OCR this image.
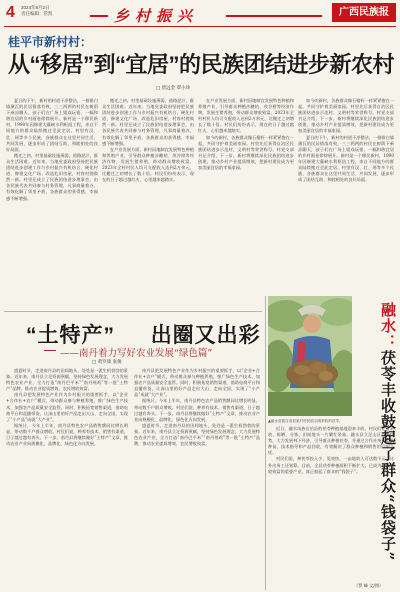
4 2024年8月2日
责任编辑：管凯	乡村振兴	广西民族报
桂平市新村村：
从“移居”到“宜居”的民族团结进步新农村
□ 唐远金 覃小珍

夏日的下午，新村的村道干净整洁，一排排白墙黛瓦的民居错落有致，三三两两的村民在树荫下乘凉聊天，孩子们在广场上嬉戏玩耍，一幅和谐宜居的乡村画卷徐徐展开。新村是一个移民新村，1990年因修建大藤峡水利枢纽工程，来自不同地方的群众陆续搬迁至此定居。村里有汉、壮、瑶等多个民族，各族群众在这里共同生活、共同发展，逐步形成了团结互助、和睦相处的良好局面。

搬迁之初，村里基础设施薄弱，道路泥泞，群众生活困难。近年来，当地党委政府坚持把民族团结进步创建工作与乡村振兴有机结合，硬化村道、修建文化广场、改造危旧房屋，村容村貌焕然一新。村里还成立了民族团结进步理事会，由各民族代表共同参与村务管理，凡事商量着办，有效化解了邻里矛盾，各族群众的获得感、幸福感不断增强。

搬迁之初，村里基础设施薄弱，道路泥泞，群众生活困难。近年来，当地党委政府坚持把民族团结进步创建工作与乡村振兴有机结合，硬化村道、修建文化广场、改造危旧房屋，村容村貌焕然一新。村里还成立了民族团结进步理事会，由各民族代表共同参与村务管理，凡事商量着办，有效化解了邻里矛盾，各族群众的获得感、幸福感不断增强。

在产业发展方面，新村因地制宜发展特色种植和养殖产业，引导群众种植沙糖桔、茂谷柑等经济作物，发展生猪养殖，带动群众增收致富。2023年全村村民人均可支配收入达到2万余元，比搬迁之初增长了数十倍。村民们纷纷表示，现在的日子越过越红火，心里越来越踏实。

在产业发展方面，新村因地制宜发展特色种植和养殖产业，引导群众种植沙糖桔、茂谷柑等经济作物，发展生猪养殖，带动群众增收致富。2023年全村村民人均可支配收入达到2万余元，比搬迁之初增长了数十倍。村民们纷纷表示，现在的日子越过越红火，心里越来越踏实。

如今的新村，各族群众像石榴籽一样紧紧抱在一起，共同守护着美丽家园。村里先后获得自治区民族团结进步示范村、文明村等荣誉称号。村党支部书记介绍，下一步，新村将继续深化民族团结进步创建，推动乡村产业提质增效，把新村建设成为更加美丽宜居的幸福家园。

如今的新村，各族群众像石榴籽一样紧紧抱在一起，共同守护着美丽家园。村里先后获得自治区民族团结进步示范村、文明村等荣誉称号。村党支部书记介绍，下一步，新村将继续深化民族团结进步创建，推动乡村产业提质增效，把新村建设成为更加美丽宜居的幸福家园。

夏日的下午，新村的村道干净整洁，一排排白墙黛瓦的民居错落有致，三三两两的村民在树荫下乘凉聊天，孩子们在广场上嬉戏玩耍，一幅和谐宜居的乡村画卷徐徐展开。新村是一个移民新村，1990年因修建大藤峡水利枢纽工程，来自不同地方的群众陆续搬迁至此定居。村里有汉、壮、瑶等多个民族，各族群众在这里共同生活、共同发展，逐步形成了团结互助、和睦相处的良好局面。

“土特产” 出圈又出彩
——南丹着力写好农业发展“绿色篇”
□ 黄罗康 张俊

盛夏时节，走进南丹县的田间地头，处处是一派生机勃勃的景象。近年来，南丹县立足资源禀赋，坚持绿色发展理念，大力发展特色农业产业，全力打造“南丹巴平米”“南丹瑶鸡”等一批“土特产”品牌，推动农业提质增效、农民增收致富。

南丹县把发展特色产业作为乡村振兴的重要抓手，以“企业+合作社+农户”模式，带动群众参与种植养殖，推广绿色生产技术，加强农产品质量安全监管。同时，积极拓宽销售渠道，借助电商平台和直播带货，让深山里的好产品走出大山、走向全国，实现了“小产品”成就“大产业”。

据统计，今年上半年，南丹县特色农产品销售额同比增长明显，带动数千户群众增收。村民们说，种养有技术、销售有渠道，日子越过越有奔头。下一步，南丹县将继续做好“土特产”文章，推动农业产业向规模化、品牌化、绿色化方向发展。

南丹县把发展特色产业作为乡村振兴的重要抓手，以“企业+合作社+农户”模式，带动群众参与种植养殖，推广绿色生产技术，加强农产品质量安全监管。同时，积极拓宽销售渠道，借助电商平台和直播带货，让深山里的好产品走出大山、走向全国，实现了“小产品”成就“大产业”。

据统计，今年上半年，南丹县特色农产品销售额同比增长明显，带动数千户群众增收。村民们说，种养有技术、销售有渠道，日子越过越有奔头。下一步，南丹县将继续做好“土特产”文章，推动农业产业向规模化、品牌化、绿色化方向发展。

盛夏时节，走进南丹县的田间地头，处处是一派生机勃勃的景象。近年来，南丹县立足资源禀赋，坚持绿色发展理念，大力发展特色农业产业，全力打造“南丹巴平米”“南丹瑶鸡”等一批“土特产”品牌，推动农业提质增效、农民增收致富。

▲融水苗族自治县某村村民展示刚采收的茯苓。
融水：茯苓丰收鼓起了群众“钱袋子”

近日，融水苗族自治县的茯苓种植基地迎来丰收，村民们忙着采收、晾晒、分拣，田间地头一片繁忙景象。融水县立足山区资源优势，大力发展林下经济，引导群众种植茯苓，并通过合作社统一提供种苗、技术指导和产品回收，有效解决了群众种植和销售的后顾之忧。

村民们说，种茯苓投入少、见效快，一亩地收入可达数千元，比外出务工还划算。目前，全县茯苓种植面积不断扩大，已成为群众增收致富的重要产业，真正鼓起了群众的“钱袋子”。

（罗 峰 文/图）
